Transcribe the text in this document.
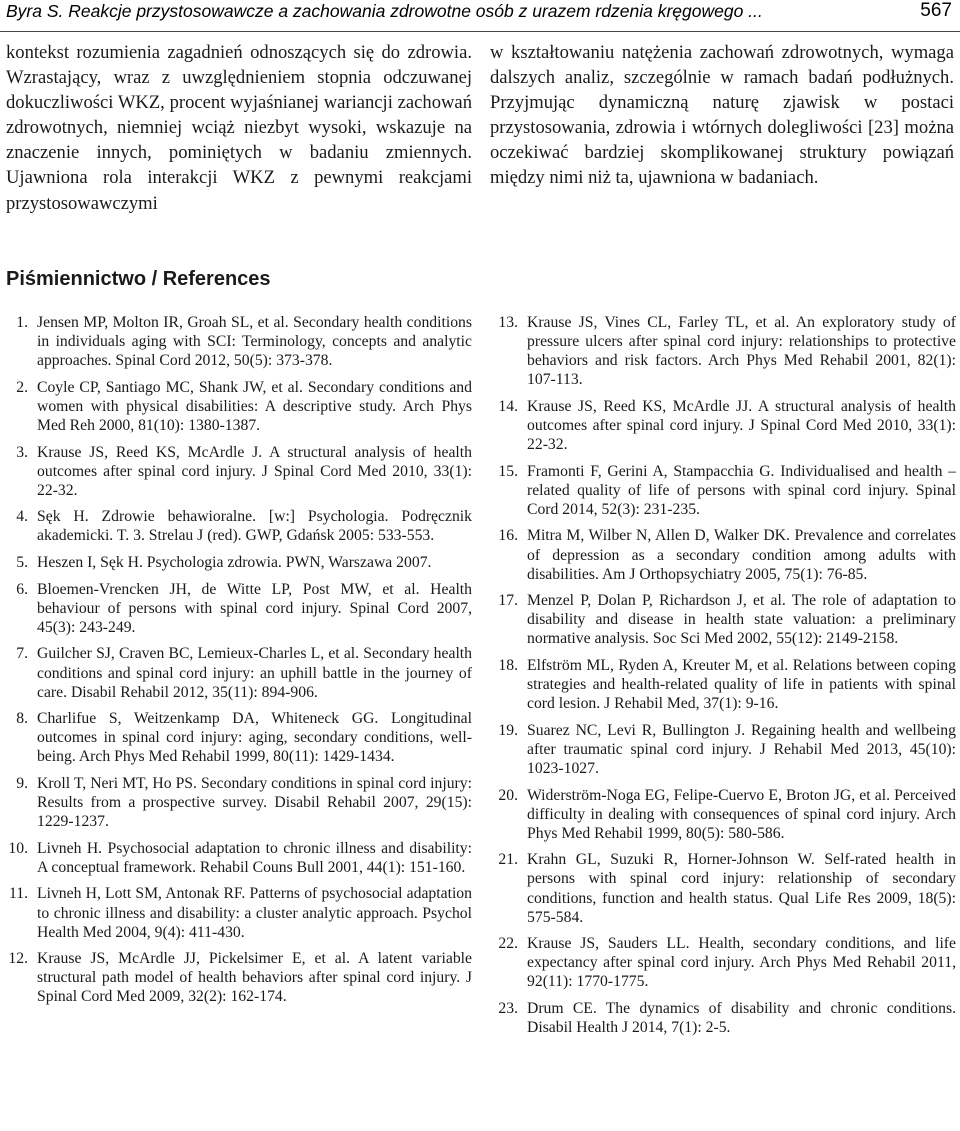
Byra S. Reakcje przystosowawcze a zachowania zdrowotne osób z urazem rdzenia kręgowego ...	567

kontekst rozumienia zagadnień odnoszących się do zdrowia. Wzrastający, wraz z uwzględnieniem stopnia odczuwanej dokuczliwości WKZ, procent wyjaśnianej wariancji zachowań zdrowotnych, niemniej wciąż niezbyt wysoki, wskazuje na znaczenie innych, pominiętych w badaniu zmiennych. Ujawniona rola interakcji WKZ z pewnymi reakcjami przystosowawczymi

w kształtowaniu natężenia zachowań zdrowotnych, wymaga dalszych analiz, szczególnie w ramach badań podłużnych. Przyjmując dynamiczną naturę zjawisk w postaci przystosowania, zdrowia i wtórnych dolegliwości [23] można oczekiwać bardziej skomplikowanej struktury powiązań między nimi niż ta, ujawniona w badaniach.

Piśmiennictwo / References
1. Jensen MP, Molton IR, Groah SL, et al. Secondary health conditions in individuals aging with SCI: Terminology, concepts and analytic approaches. Spinal Cord 2012, 50(5): 373-378.
2. Coyle CP, Santiago MC, Shank JW, et al. Secondary conditions and women with physical disabilities: A descriptive study. Arch Phys Med Reh 2000, 81(10): 1380-1387.
3. Krause JS, Reed KS, McArdle J. A structural analysis of health outcomes after spinal cord injury. J Spinal Cord Med 2010, 33(1): 22-32.
4. Sęk H. Zdrowie behawioralne. [w:] Psychologia. Podręcznik akademicki. T. 3. Strelau J (red). GWP, Gdańsk 2005: 533-553.
5. Heszen I, Sęk H. Psychologia zdrowia. PWN, Warszawa 2007.
6. Bloemen-Vrencken JH, de Witte LP, Post MW, et al. Health behaviour of persons with spinal cord injury. Spinal Cord 2007, 45(3): 243-249.
7. Guilcher SJ, Craven BC, Lemieux-Charles L, et al. Secondary health conditions and spinal cord injury: an uphill battle in the journey of care. Disabil Rehabil 2012, 35(11): 894-906.
8. Charlifue S, Weitzenkamp DA, Whiteneck GG. Longitudinal outcomes in spinal cord injury: aging, secondary conditions, well-being. Arch Phys Med Rehabil 1999, 80(11): 1429-1434.
9. Kroll T, Neri MT, Ho PS. Secondary conditions in spinal cord injury: Results from a prospective survey. Disabil Rehabil 2007, 29(15): 1229-1237.
10. Livneh H. Psychosocial adaptation to chronic illness and disability: A conceptual framework. Rehabil Couns Bull 2001, 44(1): 151-160.
11. Livneh H, Lott SM, Antonak RF. Patterns of psychosocial adaptation to chronic illness and disability: a cluster analytic approach. Psychol Health Med 2004, 9(4): 411-430.
12. Krause JS, McArdle JJ, Pickelsimer E, et al. A latent variable structural path model of health behaviors after spinal cord injury. J Spinal Cord Med 2009, 32(2): 162-174.
13. Krause JS, Vines CL, Farley TL, et al. An exploratory study of pressure ulcers after spinal cord injury: relationships to protective behaviors and risk factors. Arch Phys Med Rehabil 2001, 82(1): 107-113.
14. Krause JS, Reed KS, McArdle JJ. A structural analysis of health outcomes after spinal cord injury. J Spinal Cord Med 2010, 33(1): 22-32.
15. Framonti F, Gerini A, Stampacchia G. Individualised and health – related quality of life of persons with spinal cord injury. Spinal Cord 2014, 52(3): 231-235.
16. Mitra M, Wilber N, Allen D, Walker DK. Prevalence and correlates of depression as a secondary condition among adults with disabilities. Am J Orthopsychiatry 2005, 75(1): 76-85.
17. Menzel P, Dolan P, Richardson J, et al. The role of adaptation to disability and disease in health state valuation: a preliminary normative analysis. Soc Sci Med 2002, 55(12): 2149-2158.
18. Elfström ML, Ryden A, Kreuter M, et al. Relations between coping strategies and health-related quality of life in patients with spinal cord lesion. J Rehabil Med, 37(1): 9-16.
19. Suarez NC, Levi R, Bullington J. Regaining health and wellbeing after traumatic spinal cord injury. J Rehabil Med 2013, 45(10): 1023-1027.
20. Widerström-Noga EG, Felipe-Cuervo E, Broton JG, et al. Perceived difficulty in dealing with consequences of spinal cord injury. Arch Phys Med Rehabil 1999, 80(5): 580-586.
21. Krahn GL, Suzuki R, Horner-Johnson W. Self-rated health in persons with spinal cord injury: relationship of secondary conditions, function and health status. Qual Life Res 2009, 18(5): 575-584.
22. Krause JS, Sauders LL. Health, secondary conditions, and life expectancy after spinal cord injury. Arch Phys Med Rehabil 2011, 92(11): 1770-1775.
23. Drum CE. The dynamics of disability and chronic conditions. Disabil Health J 2014, 7(1): 2-5.
